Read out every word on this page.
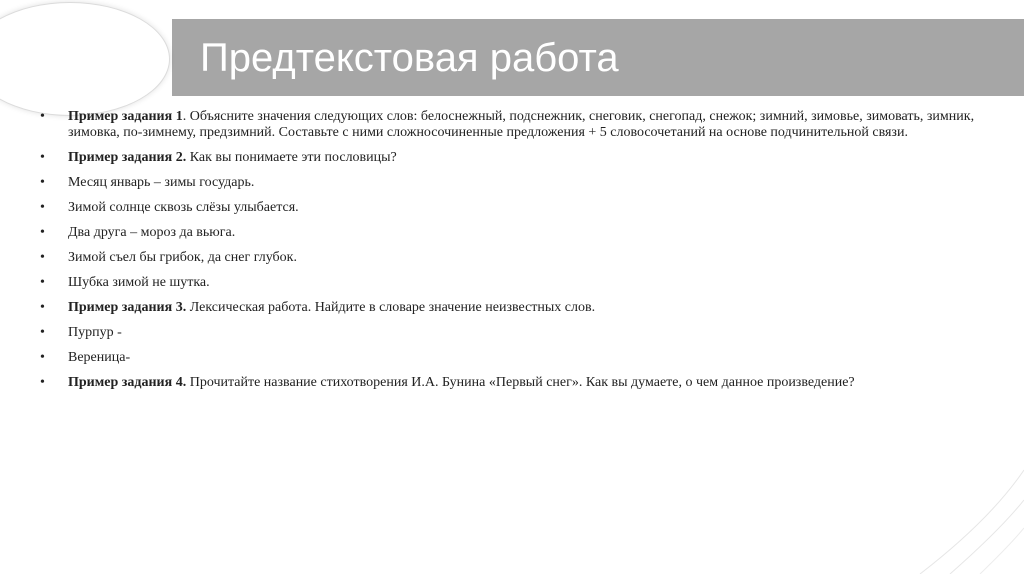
Предтекстовая работа
• Пример задания 1. Объясните значения следующих слов: белоснежный, подснежник, снеговик, снегопад, снежок; зимний, зимовье, зимовать, зимник, зимовка, по-зимнему, предзимний. Составьте с ними сложносочиненные предложения + 5 словосочетаний на основе подчинительной связи.
• Пример задания 2. Как вы понимаете эти пословицы?
• Месяц январь – зимы государь.
• Зимой солнце сквозь слёзы улыбается.
• Два друга – мороз да вьюга.
• Зимой съел бы грибок, да снег глубок.
• Шубка зимой не шутка.
• Пример задания 3. Лексическая работа. Найдите в словаре значение неизвестных слов.
• Пурпур -
• Вереница-
• Пример задания 4. Прочитайте название стихотворения И.А. Бунина «Первый снег». Как вы думаете, о чем данное произведение?
